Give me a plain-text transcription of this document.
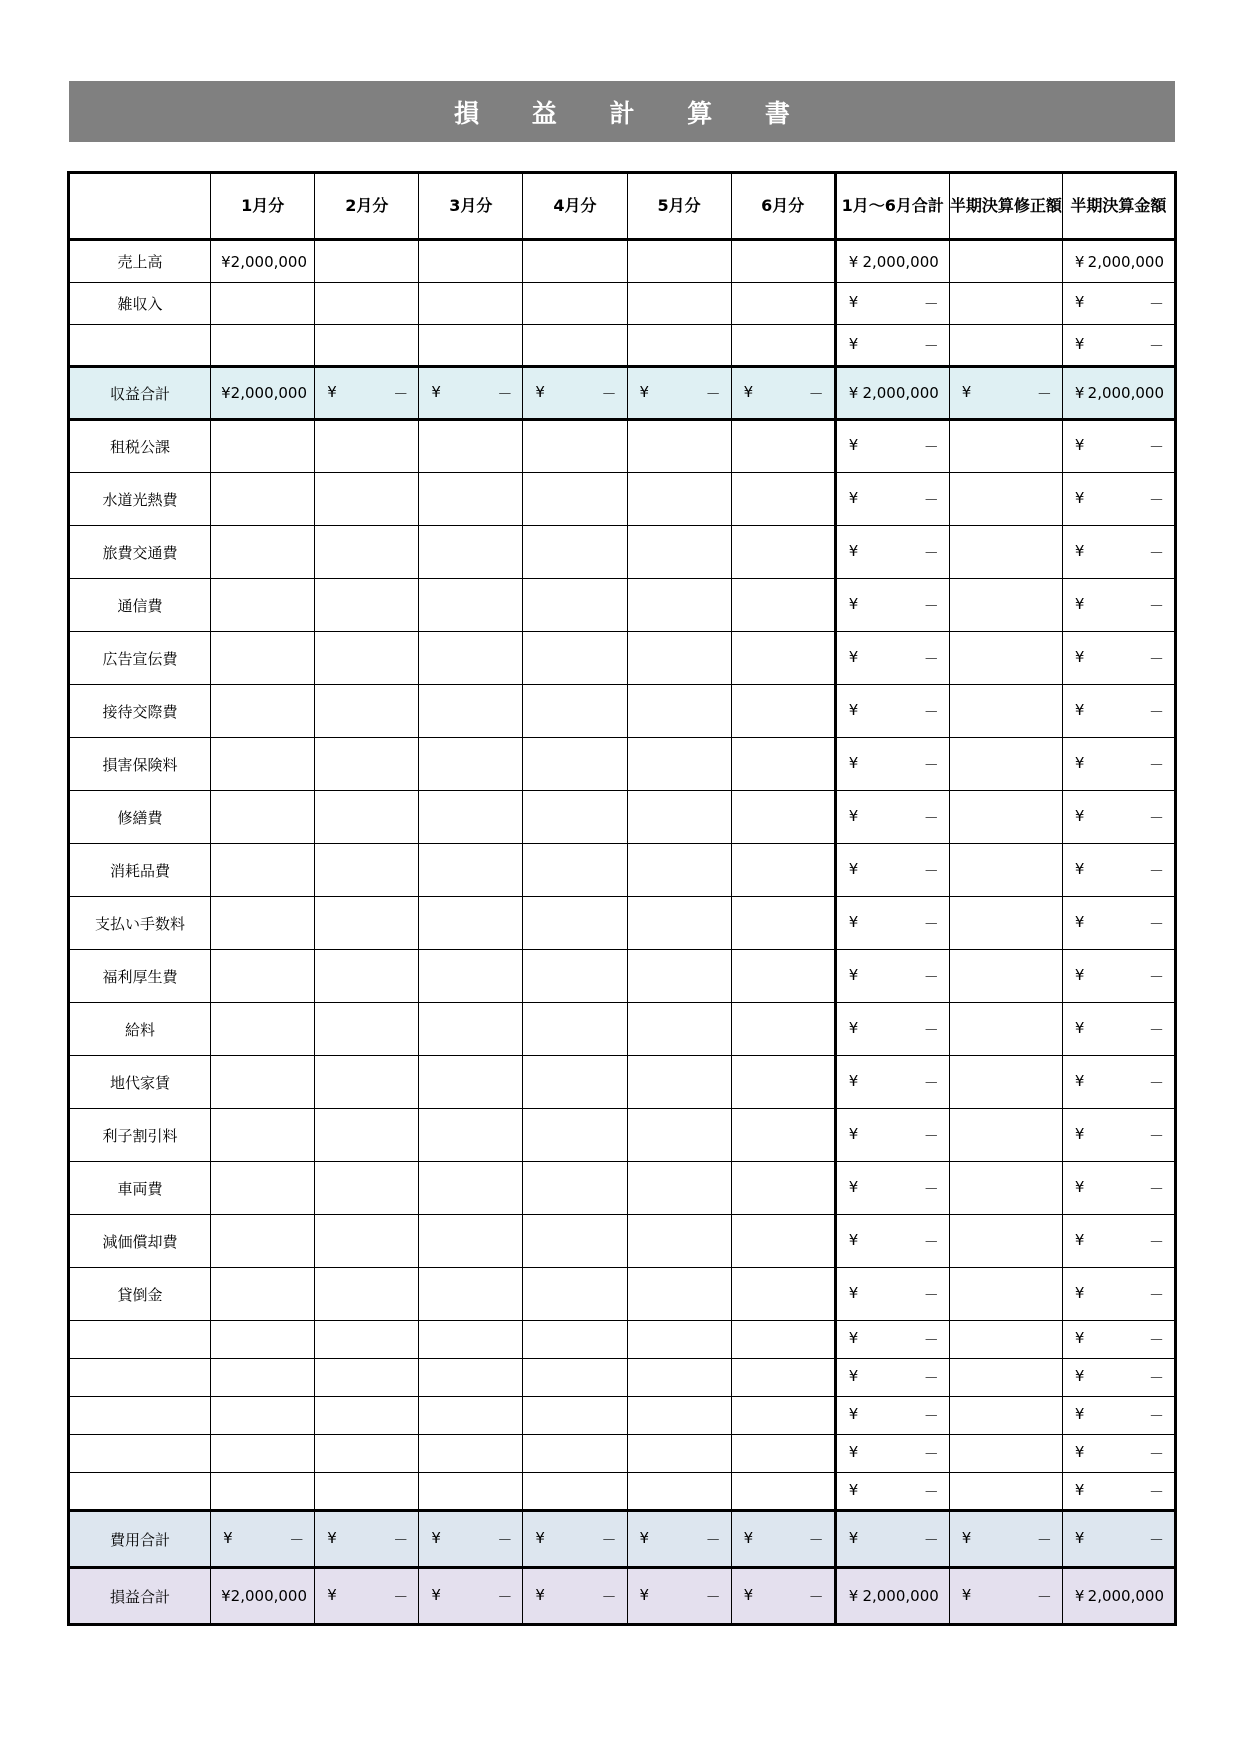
損 益 計 算 書
	1月分	2月分	3月分	4月分	5月分	6月分	1月～6月合計	半期決算修正額	半期決算金額
売上高	¥2,000,000						¥ 2,000,000		¥ 2,000,000

雑収入							¥ －		¥ －

							¥ －		¥ －

収益合計	¥2,000,000	¥ －	¥ －	¥ －	¥ －	¥ －	¥ 2,000,000	¥ －	¥ 2,000,000

租税公課							¥ －		¥ －

水道光熱費							¥ －		¥ －

旅費交通費							¥ －		¥ －

通信費							¥ －		¥ －

広告宣伝費							¥ －		¥ －

接待交際費							¥ －		¥ －

損害保険料							¥ －		¥ －

修繕費							¥ －		¥ －

消耗品費							¥ －		¥ －

支払い手数料							¥ －		¥ －

福利厚生費							¥ －		¥ －

給料							¥ －		¥ －

地代家賃							¥ －		¥ －

利子割引料							¥ －		¥ －

車両費							¥ －		¥ －

減価償却費							¥ －		¥ －

貸倒金							¥ －		¥ －

							¥ －		¥ －

							¥ －		¥ －

							¥ －		¥ －

							¥ －		¥ －

							¥ －		¥ －

費用合計	¥ －	¥ －	¥ －	¥ －	¥ －	¥ －	¥ －	¥ －	¥ －

損益合計	¥2,000,000	¥ －	¥ －	¥ －	¥ －	¥ －	¥ 2,000,000	¥ －	¥ 2,000,000
